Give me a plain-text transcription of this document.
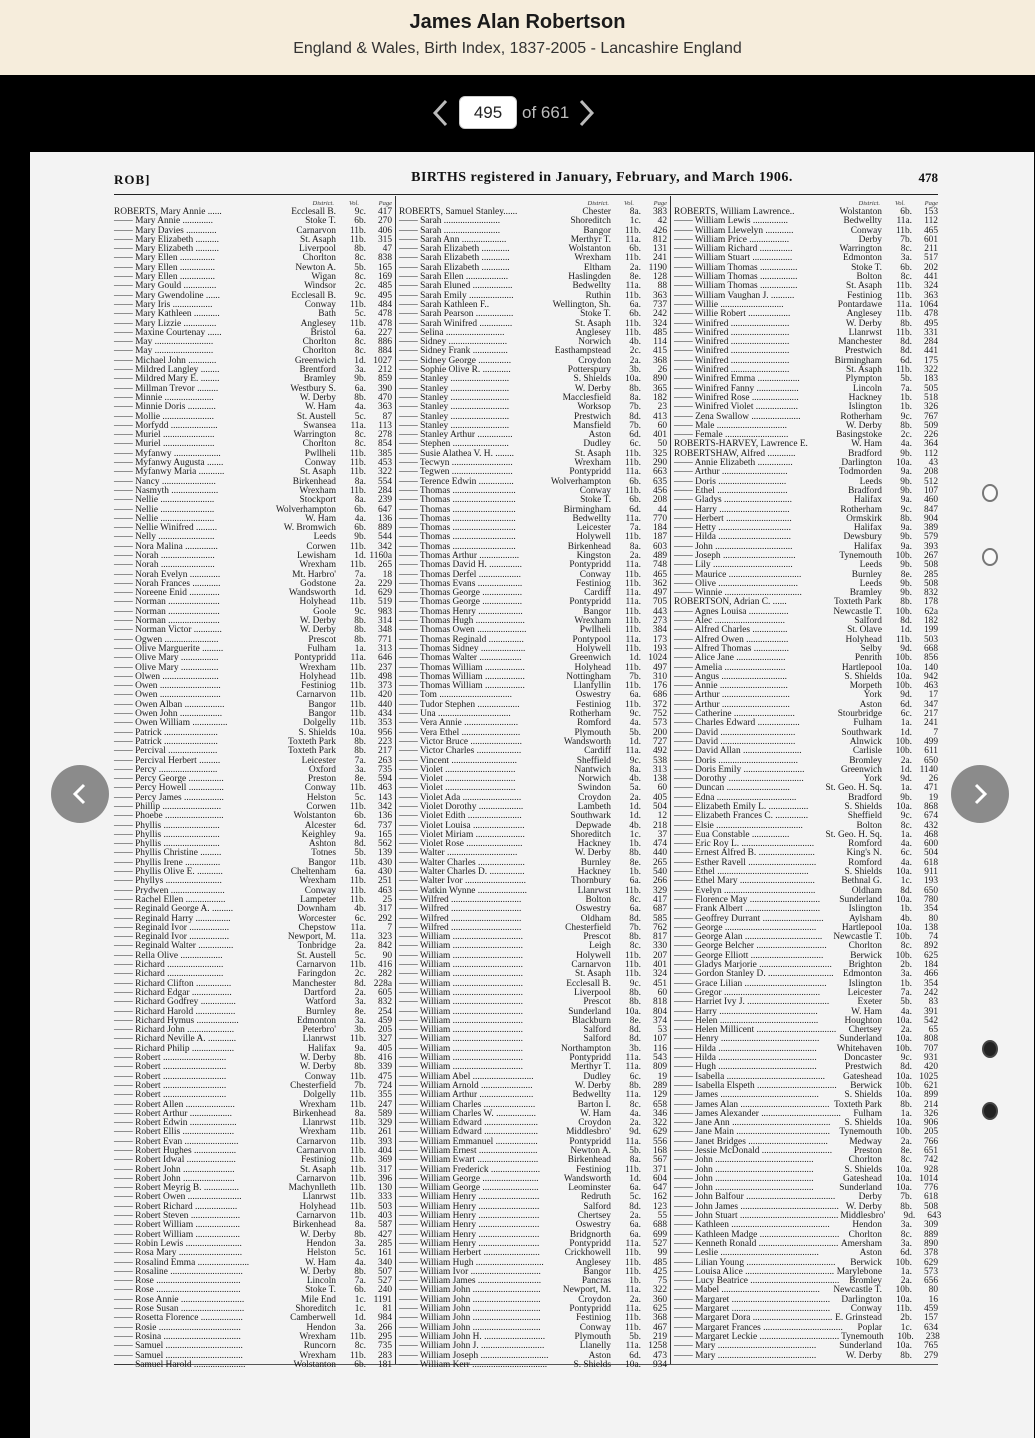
James Alan Robertson
England & Wales, Birth Index, 1837-2005 - Lancashire England
495
of 661
ROB]	BIRTHS registered in January, February, and March 1906.	478
District.	Vol.	Page
ROBERTS, Mary Annie ......	Ecclesall B.	9c.	417
—— Mary Annie .............	Stoke T.	6b.	270
—— Mary Davies .............	Carnarvon	11b.	406
—— Mary Elizabeth ..........	St. Asaph	11b.	315
—— Mary Elizabeth ..........	Liverpool	8b.	47
—— Mary Ellen ...............	Chorlton	8c.	838
—— Mary Ellen ...............	Newton A.	5b.	165
—— Mary Ellen ...............	Wigan	8c.	169
—— Mary Gould ..............	Windsor	2c.	485
—— Mary Gwendoline ......	Ecclesall B.	9c.	495
—— Mary Iris .................	Conway	11b.	484
—— Mary Kathleen ...........	Bath	5c.	478
—— Mary Lizzie ..............	Anglesey	11b.	478
—— Maxine Courtenay ......	Bristol	6a.	227
—— May .........................	Chorlton	8c.	886
—— May .........................	Chorlton	8c.	884
—— Michael John ............	Greenwich	1d. 1027
—— Mildred Langley ........	Brentford	3a.	212
—— Mildred Mary E. ........	Bramley	9b.	859
—— Millman Trevor .........	Westbury S.	6a.	390
—— Minnie .....................	W. Derby	8b.	470
—— Minnie Doris ............	W. Ham	4a.	363
—— Mollie ......................	St. Austell	5c.	87
—— Morfydd ....................	Swansea	11a.	113
—— Muriel ......................	Warrington	8c.	278
—— Muriel ......................	Chorlton	8c.	854
—— Myfanwy ....................	Pwllheli	11b.	385
—— Myfanwy Augusta .......	Conway	11b.	453
—— Myfanwy Maria ...........	St. Asaph	11b.	322
—— Nancy .......................	Birkenhead	8a.	554
—— Nasmyth ....................	Wrexham	11b.	284
—— Nellie .......................	Stockport	8a.	239
—— Nellie .......................	Wolverhampton	6b.	647
—— Nellie .......................	W. Ham	4a.	136
—— Nellie Winifred .........	W. Bromwich	6b.	889
—— Nelly ........................	Leeds	9b.	544
—— Nora Malina ..............	Corwen	11b.	342
—— Norah .......................	Lewisham	1d. 1160a
—— Norah .......................	Wrexham	11b.	265
—— Norah Evelyn .............	Mt. Harbro'	7a.	18
—— Norah Frances ............	Godstone	2a.	229
—— Noreene Enid .............	Wandsworth	1d.	629
—— Norman ......................	Holyhead	11b.	519
—— Norman ......................	Goole	9c.	983
—— Norman ......................	W. Derby	8b.	314
—— Norman Victor ............	W. Derby	8b.	348
—— Ogwen .......................	Prescot	8b.	771
—— Olive Marguerite .........	Fulham	1a.	313
—— Olive Mary ................	Pontypridd	11a.	646
—— Olive Mary ................	Wrexham	11b.	237
—— Olwen ........................	Holyhead	11b.	498
—— Owen ..........................	Festiniog	11b.	373
—— Owen ..........................	Carnarvon	11b.	420
—— Owen Alban .................	Bangor	11b.	440
—— Owen John ..................	Bangor	11b.	434
—— Owen William ...............	Dolgelly	11b.	353
—— Patrick .......................	S. Shields	10a.	956
—— Patrick .......................	Toxteth Park	8b.	223
—— Percival .....................	Toxteth Park	8b.	217
—— Percival Herbert .........	Leicester	7a.	263
—— Percy .........................	Oxford	3a.	735
—— Percy George ...............	Preston	8e.	594
—— Percy Howell ...............	Conway	11b.	463
—— Percy James .................	Helston	5c.	143
—— Phillip .........................	Corwen	11b.	342
—— Phoebe .........................	Wolstanton	6b.	136
—— Phyllis ........................	Alcester	6d.	737
—— Phyllis ........................	Keighley	9a.	165
—— Phyllis ........................	Ashton	8d.	562
—— Phyllis Christine .........	Totnes	5b.	139
—— Phyllis Irene ...............	Bangor	11b.	430
—— Phyllis Olive E. ...........	Cheltenham	6a.	430
—— Phyllys ........................	Wrexham	11b.	251
—— Prydwen .......................	Conway	11b.	463
—— Rachel Ellen .................	Lampeter	11b.	25
—— Reginald George A. .........	Downham	4b.	317
—— Reginald Harry ...............	Worcester	6c.	292
—— Reginald Ivor .................	Chepstow	11a.	7
—— Reginald Ivor .................	Newport, M.	11a.	323
—— Reginald Walter ...............	Tonbridge	2a.	842
—— Rella Olive ..................	St. Austell	5c.	90
—— Richard ........................	Carnarvon	11b.	416
—— Richard ........................	Faringdon	2c.	282
—— Richard Clifton ...............	Manchester	8d. 228a
—— Richard Edgar .................	Dartford	2a.	605
—— Richard Godfrey ...............	Watford	3a.	832
—— Richard Harold .................	Burnley	8e.	254
—— Richard Hymus ..................	Edmonton	3a.	459
—— Richard John ....................	Peterbro'	3b.	205
—— Richard Neville A. ............	Llanrwst	11b.	327
—— Richard Philip ..................	Halifax	9a.	405
—— Robert ...........................	W. Derby	8b.	416
—— Robert ...........................	W. Derby	8b.	339
—— Robert ...........................	Conway	11b.	475
—— Robert ...........................	Chesterfield	7b.	724
—— Robert ...........................	Dolgelly	11b.	355
—— Robert Allen .....................	Wrexham	11b.	247
—— Robert Arthur ..................	Birkenhead	8a.	589
—— Robert Edwin ....................	Llanrwst	11b.	329
—— Robert Ellis ......................	Wrexham	11b.	261
—— Robert Evan .......................	Carnarvon	11b.	393
—— Robert Hughes ..................	Carnarvon	11b.	404
—— Robert Idwal .....................	Festiniog	11b.	369
—— Robert John ......................	St. Asaph	11b.	317
—— Robert John ......................	Carnarvon	11b.	396
—— Robert Meyrig B. ...............	Machynlleth	11b.	130
—— Robert Owen .......................	Llanrwst	11b.	333
—— Robert Richard ..................	Holyhead	11b.	503
—— Robert Steven .....................	Carnarvon	11b.	403
—— Robert William ...................	Birkenhead	8a.	587
—— Robert William ...................	W. Derby	8b.	427
—— Robin Lewis ........................	Hendon	3a.	285
—— Rosa Mary ...........................	Helston	5c.	161
—— Rosalind Emma ......................	W. Ham	4a.	340
—— Rosaline ...............................	W. Derby	8b.	507
—— Rose ....................................	Lincoln	7a.	527
—— Rose ....................................	Stoke T.	6b.	240
—— Rose Annie ...........................	Mile End	1c. 1191
—— Rose Susan ...........................	Shoreditch	1c.	81
—— Rosetta Florence ..................	Camberwell	1d.	984
—— Rosie ...................................	Hendon	3a.	266
—— Rosina .................................	Wrexham	11b.	295
—— Samuel .................................	Runcorn	8c.	735
—— Samuel .................................	Wrexham	11b.	283
—— Samuel Harold ......................	Wolstanton	6b.	181
District.	Vol.	Page
ROBERTS, Samuel Stanley......	Chester	8a.	383
—— Sarah ........................	Shoreditch	1c.	42
—— Sarah ........................	Bangor	11b.	426
—— Sarah Ann ...................	Merthyr T.	11a.	812
—— Sarah Elizabeth ............	Wolstanton	6b.	131
—— Sarah Elizabeth ............	Wrexham	11b.	241
—— Sarah Elizabeth ............	Eltham	2a. 1190
—— Sarah Ellen ..................	Haslingden	8e.	128
—— Sarah Eluned .................	Bedwellty	11a.	88
—— Sarah Emily ...................	Ruthin	11b.	363
—— Sarah Kathleen F..	Wellington, Sh.	6a.	737
—— Sarah Pearson ................	Stoke T.	6b.	242
—— Sarah Winifred ..............	St. Asaph	11b.	324
—— Selina .........................	Anglesey	11b.	485
—— Sidney .........................	Norwich	4b.	114
—— Sidney Frank ...............	Easthampstead	2c.	415
—— Sidney George ..............	Croydon	2a.	368
—— Sophie Olive R. ............	Potterspury	3b.	26
—— Stanley .........................	S. Shields	10a.	890
—— Stanley .........................	W. Derby	8b.	365
—— Stanley .........................	Macclesfield	8a.	182
—— Stanley .........................	Worksop	7b.	23
—— Stanley .........................	Prestwich	8d.	413
—— Stanley .........................	Mansfield	7b.	60
—— Stanley Arthur ...............	Aston	6d.	401
—— Stephen ........................	Dudley	6c.	50
—— Susie Alathea V. H. ........	St. Asaph	11b.	325
—— Tecwyn ..........................	Wrexham	11b.	290
—— Tegwen ..........................	Pontypridd	11a.	663
—— Terence Edwin ...............	Wolverhampton	6b.	635
—— Thomas ...........................	Conway	11b.	456
—— Thomas ...........................	Stoke T.	6b.	208
—— Thomas ...........................	Birmingham	6d.	44
—— Thomas ...........................	Bedwellty	11a.	770
—— Thomas ...........................	Leicester	7a.	184
—— Thomas ...........................	Holywell	11b.	187
—— Thomas ...........................	Birkenhead	8a.	603
—— Thomas Arthur .................	Kingston	2a.	489
—— Thomas David H. ..............	Pontypridd	11a.	748
—— Thomas Derfel ..................	Conway	11b.	465
—— Thomas Evans ...................	Festiniog	11b.	362
—— Thomas George .................	Cardiff	11a.	497
—— Thomas George .................	Pontypridd	11a.	705
—— Thomas Henry ...................	Bangor	11b.	443
—— Thomas Hugh .....................	Wrexham	11b.	273
—— Thomas Owen .....................	Pwllheli	11b.	384
—— Thomas Reginald ...............	Pontypool	11a.	173
—— Thomas Sidney ...................	Holywell	11b.	193
—— Thomas Walter ..................	Greenwich	1d. 1024
—— Thomas William .................	Holyhead	11b.	497
—— Thomas William .................	Nottingham	7b.	310
—— Thomas William .................	Llanfyllin	11b.	176
—— Tom ...............................	Oswestry	6a.	686
—— Tudor Stephen ..................	Festiniog	11b.	372
—— Una ...............................	Rotherham	9c.	752
—— Vera Annie .......................	Romford	4a.	573
—— Vera Ethel .........................	Plymouth	5b.	200
—— Victor Bruce ......................	Wandsworth	1d.	727
—— Victor Charles ...................	Cardiff	11a.	492
—— Vincent ............................	Sheffield	9c.	538
—— Violet ..............................	Nantwich	8a.	313
—— Violet ..............................	Norwich	4b.	138
—— Violet ..............................	Swindon	5a.	60
—— Violet Ada .........................	Croydon	2a.	405
—— Violet Dorothy ...................	Lambeth	1d.	504
—— Violet Edith .......................	Southwark	1d.	12
—— Violet Louisa ......................	Depwade	4b.	218
—— Violet Miriam .....................	Shoreditch	1c.	37
—— Violet Rose ........................	Hackney	1b.	474
—— Walter ..............................	W. Derby	8b.	440
—— Walter Charles ....................	Burnley	8e.	265
—— Walter Charles D. ...............	Hackney	1b.	540
—— Walter Ivor ..........................	Thornbury	6a.	266
—— Watkin Wynne .....................	Llanrwst	11b.	329
—— Wilfred ..............................	Bolton	8c.	417
—— Wilfred ..............................	Oswestry	6a.	687
—— Wilfred ..............................	Oldham	8d.	585
—— Wilfred ..............................	Chesterfield	7b.	762
—— William ..............................	Prescot	8b.	817
—— William ..............................	Leigh	8c.	330
—— William ..............................	Holywell	11b.	207
—— William ..............................	Carnarvon	11b.	401
—— William ..............................	St. Asaph	11b.	324
—— William ..............................	Ecclesall B.	9c.	451
—— William ..............................	Liverpool	8b.	60
—— William ..............................	Prescot	8b.	818
—— William ..............................	Sunderland	10a.	804
—— William ..............................	Blackburn	8e.	374
—— William ..............................	Salford	8d.	53
—— William ..............................	Salford	8d.	107
—— William ..............................	Northampton	3b.	116
—— William ..............................	Pontypridd	11a.	543
—— William ..............................	Merthyr T.	11a.	809
—— William Abel ..........................	Dudley	6c.	19
—— William Arnold ......................	W. Derby	8b.	289
—— William Arthur .......................	Bedwellty	11a.	129
—— William Charles ......................	Barton I.	8c.	658
—— William Charles W. .................	W. Ham	4a.	346
—— William Edward .......................	Croydon	2a.	322
—— William Edward .......................	Middlesbro'	9d.	629
—— William Emmanuel ..................	Pontypridd	11a.	556
—— William Ernest .........................	Newton A.	5b.	168
—— William Ewart ..........................	Birkenhead	8a.	567
—— William Frederick .....................	Festiniog	11b.	371
—— William George ........................	Wandsworth	1d.	604
—— William George ........................	Leominster	6a.	647
—— William Henry ..........................	Redruth	5c.	162
—— William Henry ..........................	Salford	8d.	123
—— William Henry ..........................	Chertsey	2a.	55
—— William Henry ..........................	Oswestry	6a.	688
—— William Henry ..........................	Bridgnorth	6a.	699
—— William Henry ..........................	Pontypridd	11a.	527
—— William Herbert ........................	Crickhowell	11b.	99
—— William Hugh .............................	Anglesey	11b.	485
—— William Ivor ..............................	Bangor	11b.	425
—— William James ...........................	Pancras	1b.	75
—— William John .............................	Newport, M.	11a.	322
—— William John .............................	Croydon	2a.	360
—— William John .............................	Pontypridd	11a.	625
—— William John .............................	Festiniog	11b.	368
—— William John .............................	Conway	11b.	467
—— William John H. ..........................	Plymouth	5b.	219
—— William John J. ...........................	Llanelly	11a. 1258
—— William Joseph .............................	Aston	6d.	473
—— William Kerr ................................	S. Shields	10a.	934
District.	Vol.	Page
ROBERTS, William Lawrence..	Wolstanton	6b.	153
—— William Lewis ...............	Bedwellty	11a.	112
—— William Llewelyn ............	Conway	11b.	465
—— William Price .................	Derby	7b.	601
—— William Richard ..............	Warrington	8c.	211
—— William Stuart .................	Edmonton	3a.	517
—— William Thomas ................	Stoke T.	6b.	202
—— William Thomas ................	Bolton	8c.	441
—— William Thomas ................	St. Asaph	11b.	324
—— William Vaughan J. ..........	Festiniog	11b.	363
—— Willie ...........................	Pontardawe	11a. 1064
—— Willie Robert ..................	Anglesey	11b.	478
—— Winifred .........................	W. Derby	8b.	495
—— Winifred .........................	Llanrwst	11b.	331
—— Winifred .........................	Manchester	8d.	284
—— Winifred .........................	Prestwich	8d.	441
—— Winifred .........................	Birmingham	6d.	175
—— Winifred .........................	St. Asaph	11b.	322
—— Winifred Emma ..................	Plympton	5b.	183
—— Winifred Fanny ..................	Lincoln	7a.	505
—— Winifred Rose ....................	Hackney	1b.	518
—— Winifred Violet ..................	Islington	1b.	326
—— Zena Swallow .....................	Rotherham	9c.	767
—— Male ..............................	W. Derby	8b.	509
—— Female ...........................	Basingstoke	2c.	226
ROBERTS-HARVEY, Lawrence E.	W. Ham	4a.	364
ROBERTSHAW, Alfred ............	Bradford	9b.	112
—— Annie Elizabeth ...............	Darlington	10a.	43
—— Arthur ............................	Todmorden	9a.	208
—— Doris .............................	Leeds	9b.	512
—— Ethel ..............................	Bradford	9b.	107
—— Gladys .............................	Halifax	9a.	460
—— Harry ..............................	Rotherham	9c.	847
—— Herbert ............................	Ormskirk	8b.	904
—— Hetty ...............................	Halifax	9a.	389
—— Hilda ...............................	Dewsbury	9b.	579
—— John .................................	Halifax	9a.	393
—— Joseph ...............................	Tynemouth	10b.	267
—— Lily ..................................	Leeds	9b.	508
—— Maurice ...............................	Burnley	8e.	285
—— Olive ..................................	Leeds	9b.	508
—— Winnie .................................	Bramley	9b.	832
ROBERTSON, Adrian C. ......	Toxteth Park	8b.	178
—— Agnes Louisa .................	Newcastle T.	10b.	62a
—— Alec ..............................	Salford	8d.	182
—— Alfred Charles ...............	St. Olave	1d.	199
—— Alfred Owen ..................	Holyhead	11b.	503
—— Alfred Thomas ...............	Selby	9d.	668
—— Alice Jane .....................	Penrith	10b.	856
—— Amelia ..........................	Hartlepool	10a.	140
—— Angus ............................	S. Shields	10a.	942
—— Annie .............................	Morpeth	10b.	463
—— Arthur .............................	York	9d.	17
—— Arthur .............................	Aston	6d.	347
—— Catherine ..........................	Stourbridge	6c.	217
—— Charles Edward ..................	Fulham	1a.	241
—— David ................................	Southwark	1d.	7
—— David ................................	Alnwick	10b.	499
—— David Allan .........................	Carlisle	10b.	611
—— Doris ..................................	Bromley	2a.	650
—— Doris Emily ..........................	Greenwich	1d. 1140
—— Dorothy ................................	York	9d.	26
—— Duncan ...........................	St. Geo. H. Sq.	1a.	471
—— Edna ..................................	Bradford	9b.	19
—— Elizabeth Emily L. .................	S. Shields	10a.	868
—— Elizabeth Frances C. ..............	Sheffield	9c.	674
—— Elsie .....................................	Bolton	8c.	432
—— Eua Constable ................	St. Geo. H. Sq.	1a.	468
—— Eric Roy L. ...............................	Romford	4a.	600
—— Ernest Alfred B. ........................	King's N.	6c.	504
—— Esther Ravell .............................	Romford	4a.	618
—— Ethel .......................................	S. Shields	10a.	911
—— Ethel Mary ................................	Bethnal G.	1c.	193
—— Evelyn .......................................	Oldham	8d.	650
—— Florence May ..............................	Sunderland	10a.	780
—— Frank Albert ................................	Islington	1b.	354
—— Geoffrey Durrant ..........................	Aylsham	4b.	80
—— George .......................................	Hartlepool	10a.	138
—— George Alan .................................	Newcastle T.	10b.	74
—— George Belcher ..............................	Chorlton	8c.	892
—— George Elliott ...............................	Berwick	10b.	625
—— Gladys Marjorie ...............................	Brighton	2b.	184
—— Gordon Stanley D. ............................ Edmonton	3a.	466
—— Grace Lilian ...................................	Islington	1b.	354
—— Gregor .........................................	Leicester	7a.	242
—— Harriet Ivy J. ...................................	Exeter	5b.	83
—— Harry ..........................................	W. Ham	4a.	391
—— Helen ..........................................	Houghton	10a.	542
—— Helen Millicent ..................................	Chertsey	2a.	65
—— Henry ..........................................	Sunderland	10a.	808
—— Hilda ..........................................	Whitehaven	10b.	707
—— Hilda ..........................................	Doncaster	9c.	931
—— Hugh ..........................................	Prestwich	8d.	420
—— Isabella ..........................................	Gateshead	10a. 1025
—— Isabella Elspeth ..................................	Berwick	10b.	621
—— James ..........................................	S. Shields	10a.	899
—— James Alan ...................................... Toxteth Park	8b.	214
—— James Alexander ..................................	Fulham	1a.	326
—— Jane Ann ..........................................	S. Shields	10a.	906
—— Jane Main ........................................	Tynemouth	10b.	205
—— Janet Bridges ..................................	Medway	2a.	766
—— Jessie McDonald ..............................	Preston	8e.	651
—— John ..........................................	Chorlton	8c.	742
—— John ..........................................	S. Shields	10a.	928
—— John ..........................................	Gateshead	10a. 1014
—— John ..........................................	Sunderland	10a.	776
—— John Balfour ......................................	Derby	7b.	618
—— John James .......................................... W. Derby	8b.	508
—— John Stuart .......................................... Middlesbro'	9d.	643
—— Kathleen ..........................................	Hendon	3a.	309
—— Kathleen Madge .................................. Chorlton	8c.	889
—— Kenneth Ronald .................................. Amersham	3a.	890
—— Leslie ..........................................	Aston	6d.	378
—— Lilian Young ......................................	Berwick	10b.	629
—— Louisa Alice ...................................... Marylebone	1a.	573
—— Lucy Beatrice ......................................	Bromley	2a.	656
—— Mabel ..........................................	Newcastle T.	10b.	80
—— Margaret ..........................................	Darlington	10a.	16
—— Margaret ..........................................	Conway	11b.	459
—— Margaret Dora .................................. E. Grinstead	2b.	157
—— Margaret Frances ..................................	Poplar	1c.	634
—— Margaret Leckie .................................. Tynemouth	10b.	238
—— Mary ..........................................	Sunderland	10a.	765
—— Mary ..........................................	W. Derby	8b.	279
